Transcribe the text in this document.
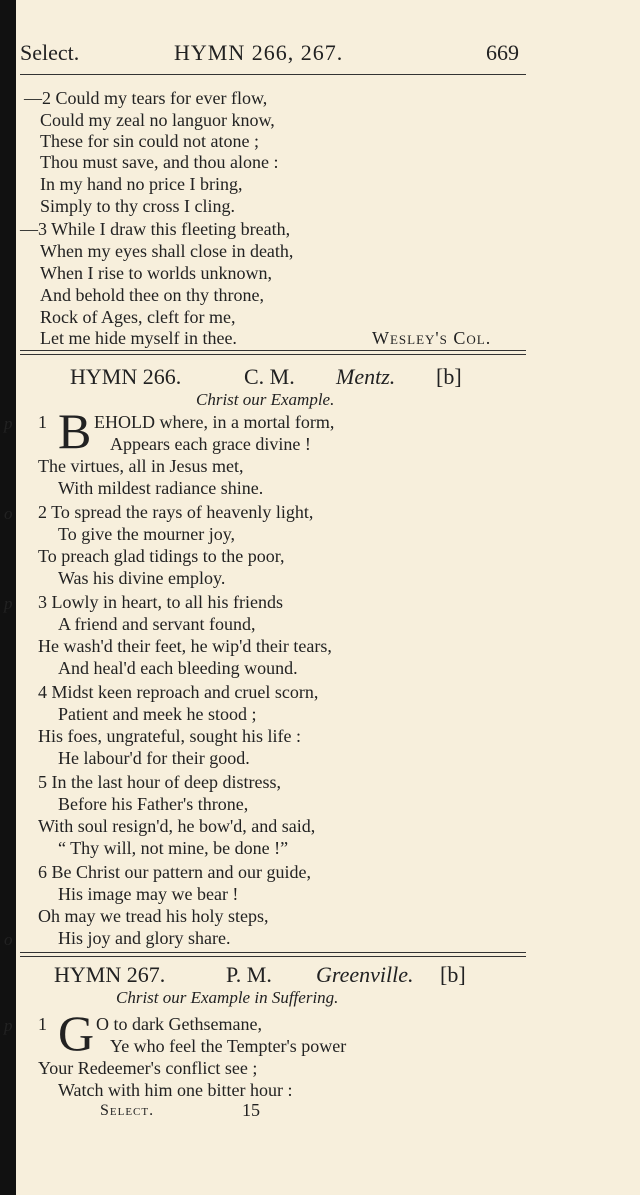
Select.	HYMN 266, 267.	669
—2 Could my tears for ever flow,
Could my zeal no languor know,
These for sin could not atone ;
Thou must save, and thou alone :
In my hand no price I bring,
Simply to thy cross I cling.
—3 While I draw this fleeting breath,
When my eyes shall close in death,
When I rise to worlds unknown,
And behold thee on thy throne,
Rock of Ages, cleft for me,
Let me hide myself in thee.	Wesley's Col.
HYMN 266.	C. M. Mentz. [b]
Christ our Example.
p 1 B EHOLD where, in a mortal form,
Appears each grace divine !
The virtues, all in Jesus met,
With mildest radiance shine.
o 2 To spread the rays of heavenly light,
To give the mourner joy,
To preach glad tidings to the poor,
Was his divine employ.
p 3 Lowly in heart, to all his friends
A friend and servant found,
He wash'd their feet, he wip'd their tears,
And heal'd each bleeding wound.
4 Midst keen reproach and cruel scorn,
Patient and meek he stood ;
His foes, ungrateful, sought his life :
He labour'd for their good.
5 In the last hour of deep distress,
Before his Father's throne,
With soul resign'd, he bow'd, and said,
“ Thy will, not mine, be done !”
6 Be Christ our pattern and our guide,
His image may we bear !
Oh may we tread his holy steps,
o	His joy and glory share.
HYMN 267.	P. M. Greenville. [b]
Christ our Example in Suffering.
p 1 G O to dark Gethsemane,
Ye who feel the Tempter's power
Your Redeemer's conflict see ;
Watch with him one bitter hour :
Select.	15
